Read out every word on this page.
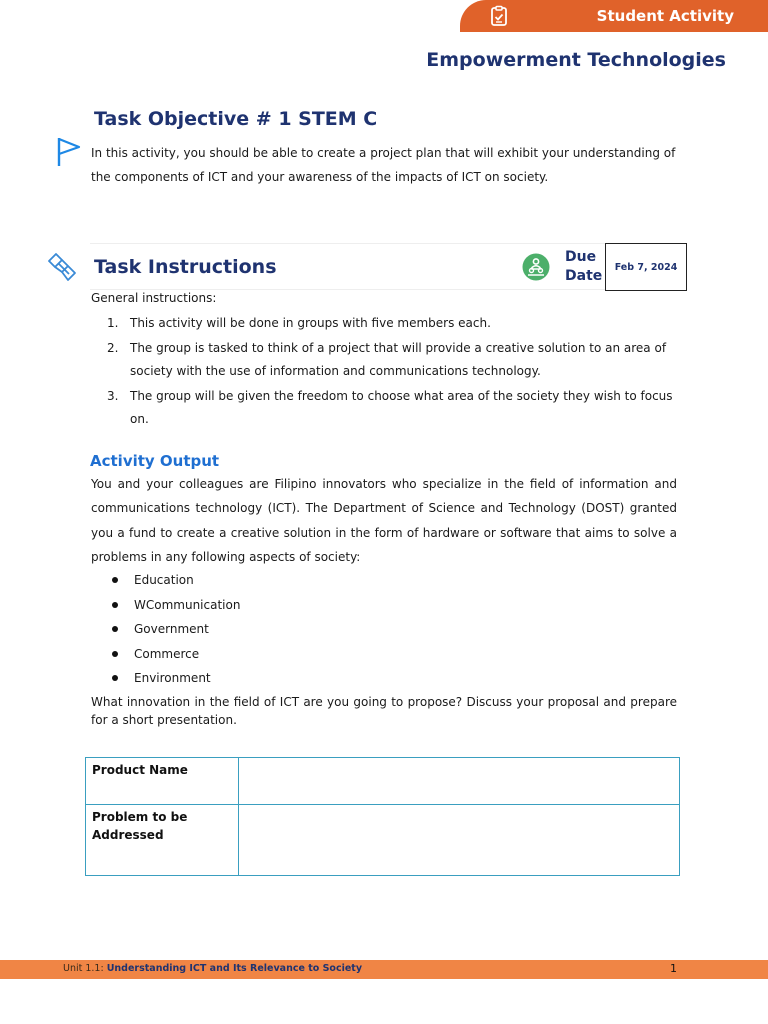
Student Activity
Empowerment Technologies
Task Objective # 1 STEM C
In this activity, you should be able to create a project plan that will exhibit your understanding of the components of ICT and your awareness of the impacts of ICT on society.
Task Instructions	Due Date
Feb 7, 2024
General instructions:
1. This activity will be done in groups with five members each.
2. The group is tasked to think of a project that will provide a creative solution to an area of society with the use of information and communications technology.
3. The group will be given the freedom to choose what area of the society they wish to focus on.
Activity Output
You and your colleagues are Filipino innovators who specialize in the field of information and communications technology (ICT). The Department of Science and Technology (DOST) granted you a fund to create a creative solution in the form of hardware or software that aims to solve a problems in any following aspects of society:
Education
WCommunication
Government
Commerce
Environment
What innovation in the field of ICT are you going to propose? Discuss your proposal and prepare for a short presentation.
Product Name	
Problem to be Addressed	
Unit 1.1: Understanding ICT and Its Relevance to Society	1
